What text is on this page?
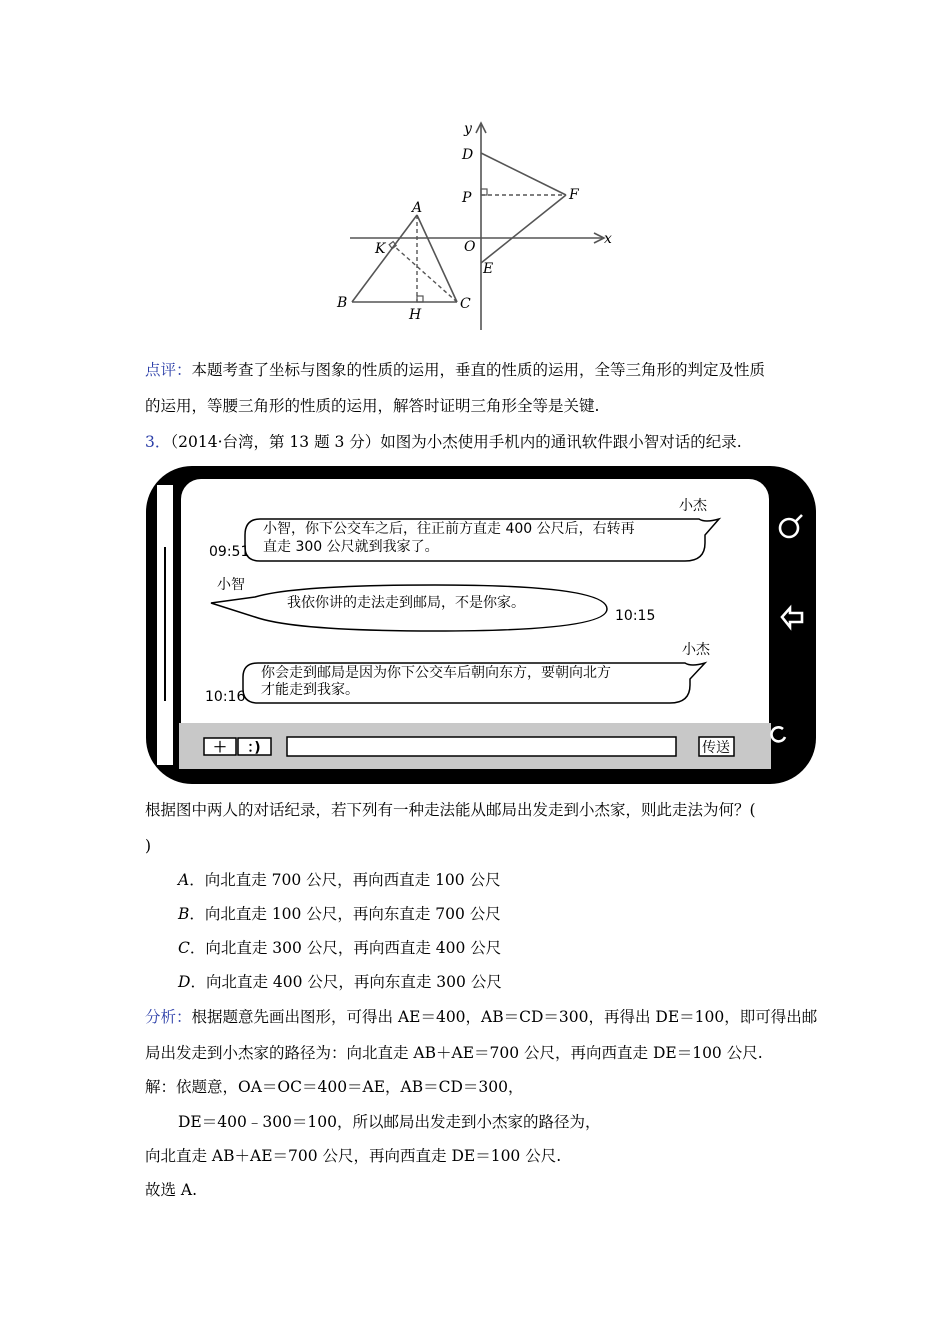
y
x
D
P	F
A
K	O
E
B
H
C
点评：本题考查了坐标与图象的性质的运用，垂直的性质的运用，全等三角形的判定及性质
的运用，等腰三角形的性质的运用，解答时证明三角形全等是关键.
3．（2014·台湾，第 13 题 3 分）如图为小杰使用手机内的通讯软件跟小智对话的纪录.
＋ ：)	传送
小杰
小智，你下公交车之后，往正前方直走 400 公尺后，右转再
直走 300 公尺就到我家了。
09:51
小智
我依你讲的走法走到邮局，不是你家。
10:15
小杰
你会走到邮局是因为你下公交车后朝向东方，要朝向北方
才能走到我家。
10:16
根据图中两人的对话纪录，若下列有一种走法能从邮局出发走到小杰家，则此走法为何？(
)
A．向北直走 700 公尺，再向西直走 100 公尺
B．向北直走 100 公尺，再向东直走 700 公尺
C．向北直走 300 公尺，再向西直走 400 公尺
D．向北直走 400 公尺，再向东直走 300 公尺
分析：根据题意先画出图形，可得出 AE＝400，AB＝CD＝300，再得出 DE＝100，即可得出邮
局出发走到小杰家的路径为：向北直走 AB＋AE＝700 公尺，再向西直走 DE＝100 公尺.
解：依题意，OA＝OC＝400＝AE，AB＝CD＝300，
DE＝400﹣300＝100，所以邮局出发走到小杰家的路径为，
向北直走 AB＋AE＝700 公尺，再向西直走 DE＝100 公尺.
故选 A.
